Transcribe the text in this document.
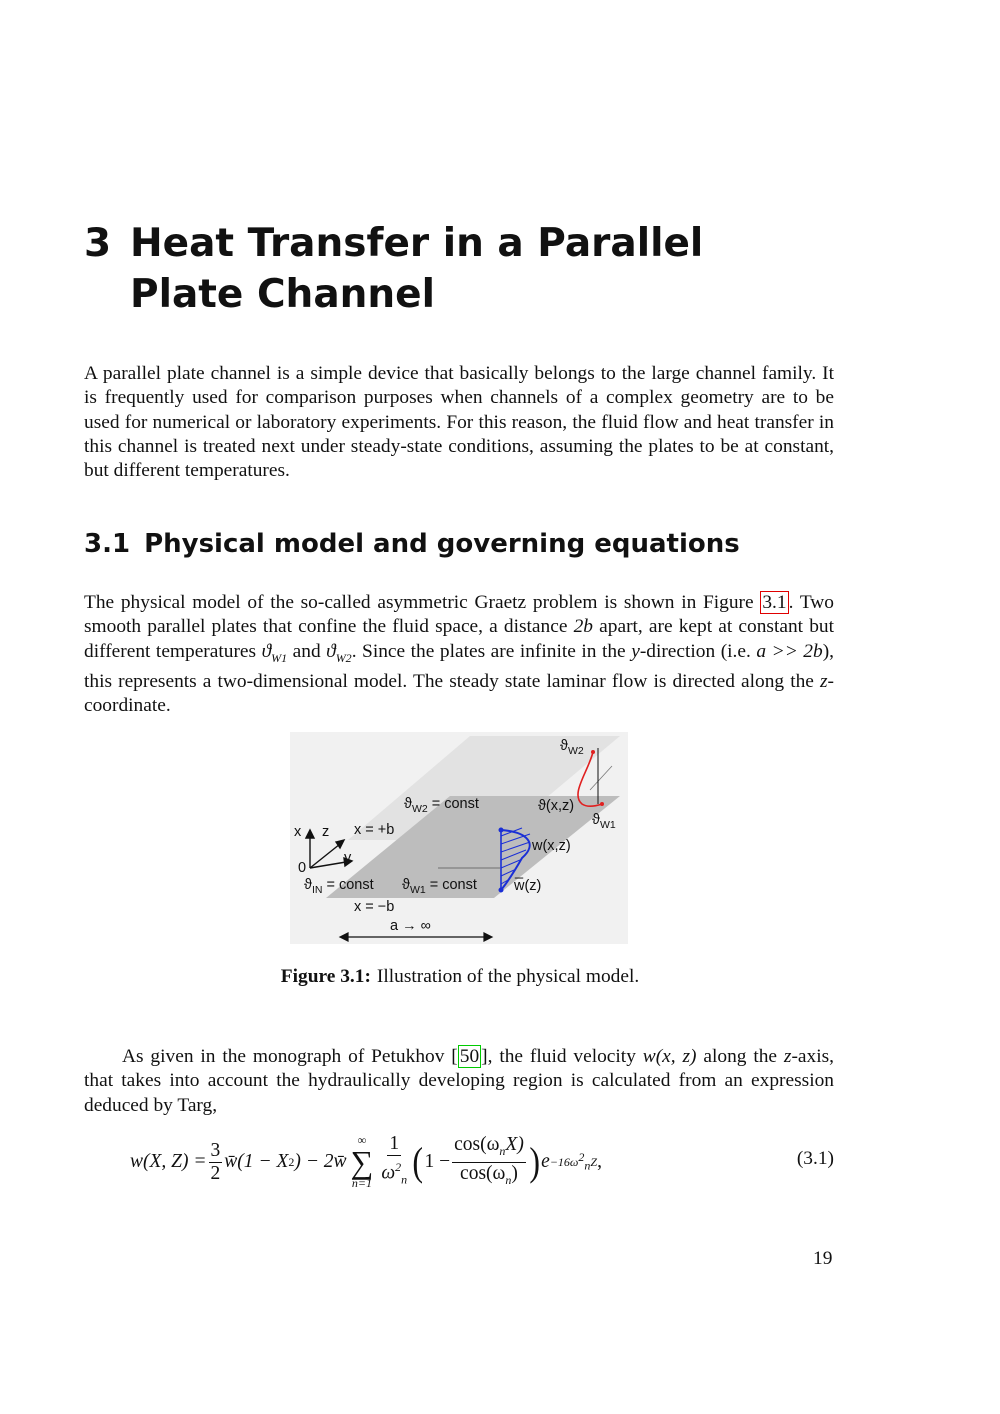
3 Heat Transfer in a Parallel Plate Channel

A parallel plate channel is a simple device that basically belongs to the large channel family. It is frequently used for comparison purposes when channels of a complex geometry are to be used for numerical or laboratory experiments. For this reason, the fluid flow and heat transfer in this channel is treated next under steady-state conditions, assuming the plates to be at constant, but different temperatures.

3.1 Physical model and governing equations

The physical model of the so-called asymmetric Graetz problem is shown in Figure 3.1 . Two smooth parallel plates that confine the fluid space, a distance 2b apart, are kept at constant but different temperatures $ϑ_{W1}$ and $ϑ_{W2}$. Since the plates are infinite in the y-direction (i.e. a >> 2b), this represents a two-dimensional model. The steady state laminar flow is directed along the z-coordinate.

$ϑ_{W2}$
$ϑ_{W2}$ = const	ϑ(x,z)
$ϑ_{W1}$
x z
y
0
x = +b
w(x,z)
$ϑ_{IN}$ = const $ϑ_{W1}$ = const	w̅(z)
x = −b
a → ∞

Figure 3.1: Illustration of the physical model.

As given in the monograph of Petukhov [ 50 ], the fluid velocity w(x, z) along the z-axis, that takes into account the hydraulically developing region is calculated from an expression deduced by Targ,

w(X, $Z) = \frac{3}{2}$ w̄(1 − X 2 ) − 2w̄
∞
∑
$n=1 \frac{1}{\omega^2_n}$ ( $1 - \frac{\cos(\omega_nX)}{\cos(\omega_n)}$ ) $e -16\omega^2_nZ$ ,	(3.1)

19
